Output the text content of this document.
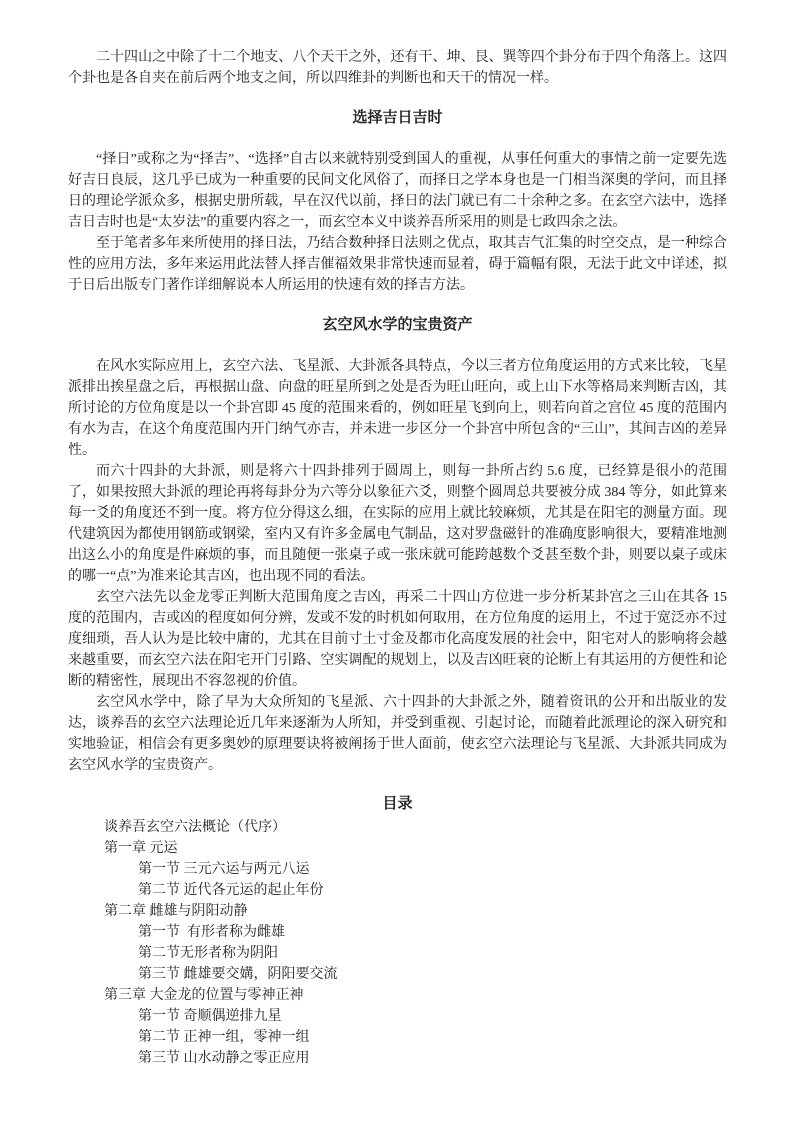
二十四山之中除了十二个地支、八个天干之外，还有干、坤、艮、巽等四个卦分布于四个角落上。这四个卦也是各自夹在前后两个地支之间，所以四维卦的判断也和天干的情况一样。

选择吉日吉时

“择日”或称之为“择吉”、“选择”自古以来就特别受到国人的重视，从事任何重大的事情之前一定要先选好吉日良辰，这几乎已成为一种重要的民间文化风俗了，而择日之学本身也是一门相当深奥的学问，而且择日的理论学派众多，根据史册所载，早在汉代以前，择日的法门就已有二十余种之多。在玄空六法中，选择吉日吉时也是“太岁法”的重要内容之一，而玄空本义中谈养吾所采用的则是七政四余之法。

至于笔者多年来所使用的择日法，乃结合数种择日法则之优点，取其吉气汇集的时空交点，是一种综合性的应用方法，多年来运用此法替人择吉催福效果非常快速而显着，碍于篇幅有限，无法于此文中详述，拟于日后出版专门著作详细解说本人所运用的快速有效的择吉方法。

玄空风水学的宝贵资产

在风水实际应用上，玄空六法、飞星派、大卦派各具特点，今以三者方位角度运用的方式来比较，飞星派排出挨星盘之后，再根据山盘、向盘的旺星所到之处是否为旺山旺向，或上山下水等格局来判断吉凶，其所讨论的方位角度是以一个卦宫即 45 度的范围来看的，例如旺星飞到向上，则若向首之宫位 45 度的范围内有水为吉，在这个角度范围内开门纳气亦吉，并未进一步区分一个卦宫中所包含的“三山”，其间吉凶的差异性。

而六十四卦的大卦派，则是将六十四卦排列于圆周上，则每一卦所占约 5.6 度，已经算是很小的范围了，如果按照大卦派的理论再将每卦分为六等分以象征六爻，则整个圆周总共要被分成 384 等分，如此算来每一爻的角度还不到一度。将方位分得这么细，在实际的应用上就比较麻烦，尤其是在阳宅的测量方面。现代建筑因为都使用钢筋或钢梁，室内又有许多金属电气制品，这对罗盘磁针的准确度影响很大，要精准地测出这么小的角度是件麻烦的事，而且随便一张桌子或一张床就可能跨越数个爻甚至数个卦，则要以桌子或床的哪一“点”为准来论其吉凶，也出现不同的看法。

玄空六法先以金龙零正判断大范围角度之吉凶，再采二十四山方位进一步分析某卦宫之三山在其各 15 度的范围内，吉或凶的程度如何分辨，发或不发的时机如何取用，在方位角度的运用上，不过于宽泛亦不过度细琐，吾人认为是比较中庸的，尤其在目前寸土寸金及都市化高度发展的社会中，阳宅对人的影响将会越来越重要，而玄空六法在阳宅开门引路、空实调配的规划上，以及吉凶旺衰的论断上有其运用的方便性和论断的精密性，展现出不容忽视的价值。

玄空风水学中，除了早为大众所知的飞星派、六十四卦的大卦派之外，随着资讯的公开和出版业的发达，谈养吾的玄空六法理论近几年来逐渐为人所知，并受到重视、引起讨论，而随着此派理论的深入研究和实地验证，相信会有更多奥妙的原理要诀将被阐扬于世人面前，使玄空六法理论与飞星派、大卦派共同成为玄空风水学的宝贵资产。

目录
谈养吾玄空六法概论（代序）
第一章 元运
第一节 三元六运与两元八运
第二节 近代各元运的起止年份
第二章 雌雄与阴阳动静
第一节  有形者称为雌雄
第二节无形者称为阴阳
第三节 雌雄要交媾，阴阳要交流
第三章 大金龙的位置与零神正神
第一节 奇顺偶逆排九星
第二节 正神一组，零神一组
第三节 山水动静之零正应用
